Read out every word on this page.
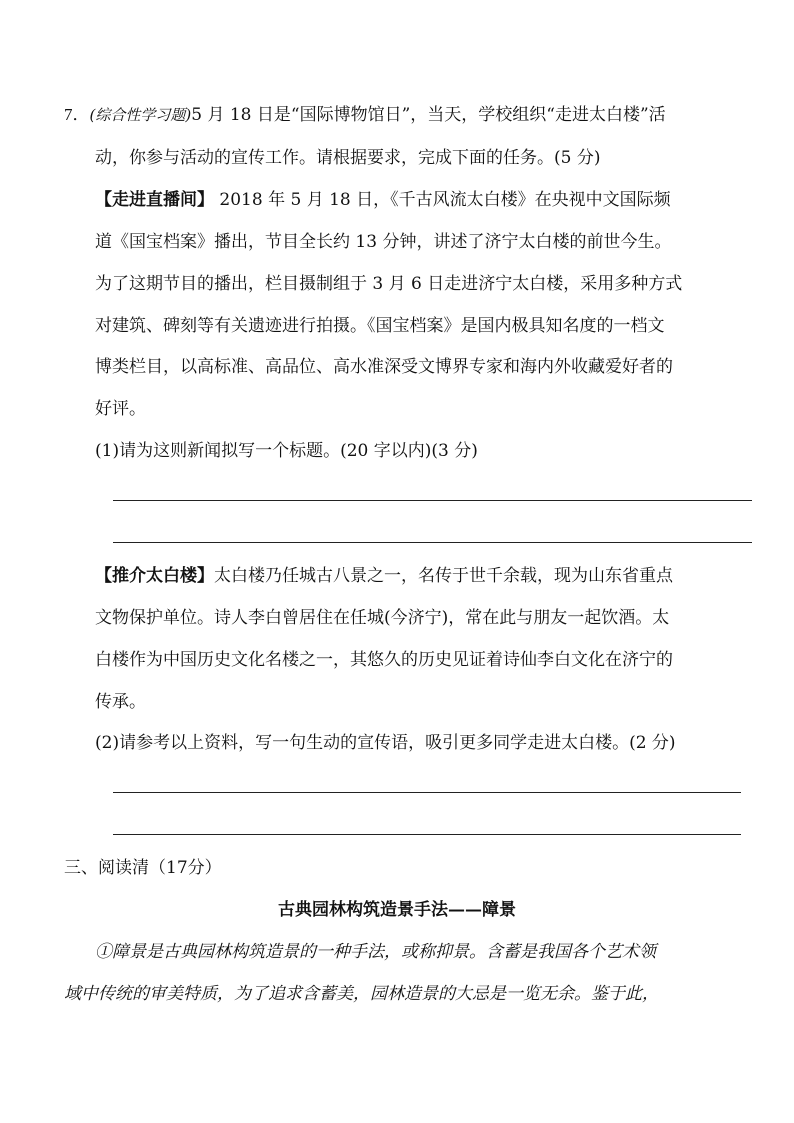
7．(综合性学习题)5 月 18 日是“国际博物馆日”，当天，学校组织“走进太白楼”活
动，你参与活动的宣传工作。请根据要求，完成下面的任务。(5 分)
【走进直播间】 2018 年 5 月 18 日，《千古风流太白楼》在央视中文国际频
道《国宝档案》播出，节目全长约 13 分钟，讲述了济宁太白楼的前世今生。
为了这期节目的播出，栏目摄制组于 3 月 6 日走进济宁太白楼，采用多种方式
对建筑、碑刻等有关遗迹进行拍摄。《国宝档案》是国内极具知名度的一档文
博类栏目，以高标准、高品位、高水准深受文博界专家和海内外收藏爱好者的
好评。
(1)请为这则新闻拟写一个标题。(20 字以内)(3 分)
【推介太白楼】太白楼乃任城古八景之一，名传于世千余载，现为山东省重点
文物保护单位。诗人李白曾居住在任城(今济宁)，常在此与朋友一起饮酒。太
白楼作为中国历史文化名楼之一，其悠久的历史见证着诗仙李白文化在济宁的
传承。
(2)请参考以上资料，写一句生动的宣传语，吸引更多同学走进太白楼。(2 分)
三、阅读清（17分）
古典园林构筑造景手法——障景
①障景是古典园林构筑造景的一种手法，或称抑景。含蓄是我国各个艺术领
域中传统的审美特质，为了追求含蓄美，园林造景的大忌是一览无余。鉴于此，
